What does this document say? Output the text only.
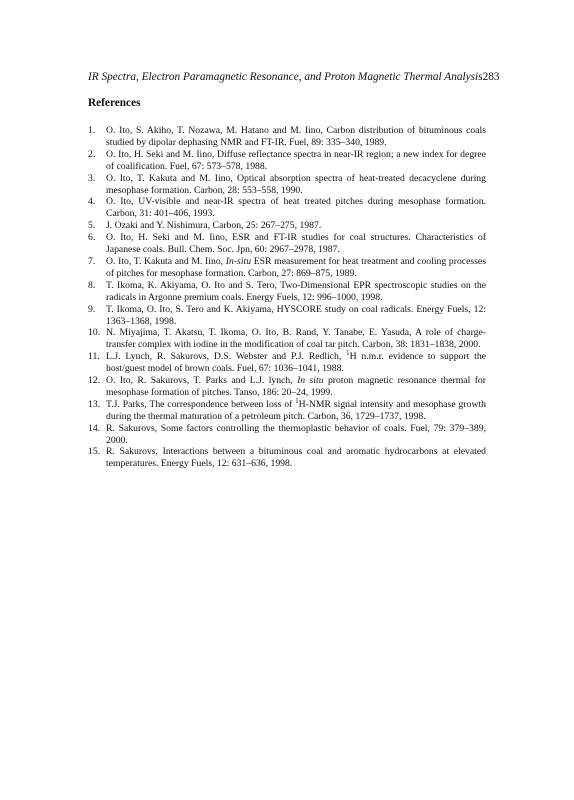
IR Spectra, Electron Paramagnetic Resonance, and Proton Magnetic Thermal Analysis 283
References
1.	O. Ito, S. Akiho, T. Nozawa, M. Hatano and M. Iino, Carbon distribution of bituminous coals studied by dipolar dephasing NMR and FT-IR. Fuel, 89: 335–340, 1989.
2.	O. Ito, H. Seki and M. Iino, Diffuse reflectance spectra in near-IR region; a new index for degree of coalification. Fuel, 67: 573–578, 1988.
3.	O. Ito, T. Kakuta and M. Iino, Optical absorption spectra of heat-treated decacyclene during mesophase formation. Carbon, 28: 553–558, 1990.
4.	O. Ito, UV-visible and near-IR spectra of heat treated pitches during mesophase formation. Carbon, 31: 401–406, 1993.
5.	J. Ozaki and Y. Nishimura, Carbon, 25: 267–275, 1987.
6.	O. Ito, H. Seki and M. Iino, ESR and FT-IR studies for coal structures. Characteristics of Japanese coals. Bull. Chem. Soc. Jpn, 60: 2967–2978, 1987.
7.	O. Ito, T. Kakuta and M. Iino, In-situ ESR measurement for heat treatment and cooling processes of pitches for mesophase formation. Carbon, 27: 869–875, 1989.
8.	T. Ikoma, K. Akiyama, O. Ito and S. Tero, Two-Dimensional EPR spectroscopic studies on the radicals in Argonne premium coals. Energy Fuels, 12: 996–1000, 1998.
9.	T. Ikoma, O. Ito, S. Tero and K. Akiyama, HYSCORE study on coal radicals. Energy Fuels, 12: 1363–1368, 1998.
10. N. Miyajima, T. Akatsu, T. Ikoma, O. Ito, B. Rand, Y. Tanabe, E. Yasuda, A role of charge-transfer complex with iodine in the modification of coal tar pitch. Carbon, 38: 1831–1838, 2000.
11. L.J. Lynch, R. Sakurovs, D.S. Webster and P.J. Redlich, $^1$H n.m.r. evidence to support the host/guest model of brown coals. Fuel, 67: 1036–1041, 1988.
12. O. Ito, R. Sakurovs, T. Parks and L.J. lynch, In situ proton magnetic resonance thermal for mesophase formation of pitches. Tanso, 186: 20–24, 1999.
13. T.J. Parks, The correspondence between loss of $^1$H-NMR signal intensity and mesophase growth during the thermal maturation of a petroleum pitch. Carbon, 36, 1729–1737, 1998.
14. R. Sakurovs, Some factors controlling the thermoplastic behavior of coals. Fuel, 79: 379–389, 2000.
15. R. Sakurovs, Interactions between a bituminous coal and aromatic hydrocarbons at elevated temperatures. Energy Fuels, 12: 631–636, 1998.
